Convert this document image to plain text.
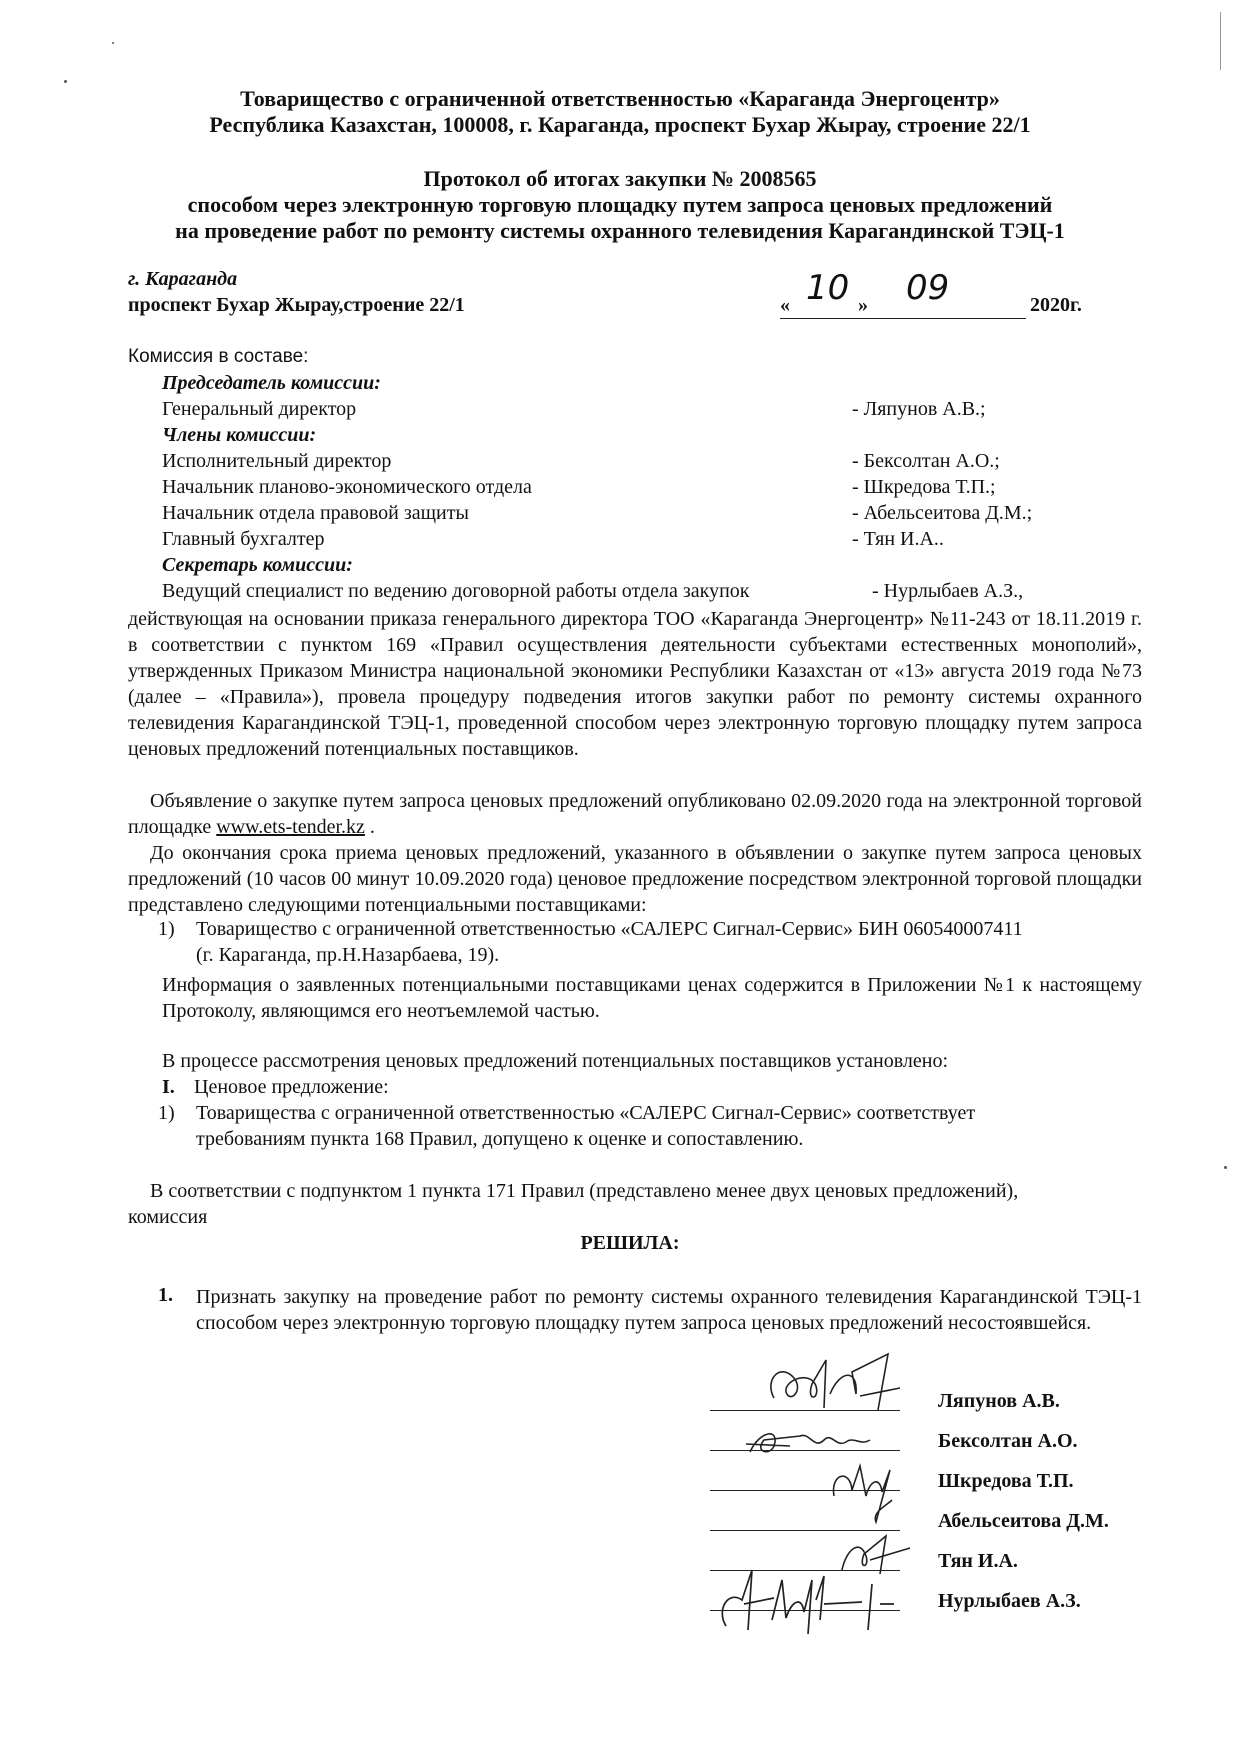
Товарищество с ограниченной ответственностью «Караганда Энергоцентр»
Республика Казахстан, 100008, г. Караганда, проспект Бухар Жырау, строение 22/1
Протокол об итогах закупки № 2008565
способом через электронную торговую площадку путем запроса ценовых предложений
на проведение работ по ремонту системы охранного телевидения Карагандинской ТЭЦ-1
г. Караганда
проспект Бухар Жырау,строение 22/1	« 10 » 09	2020г.
Комиссия в составе:
Председатель комиссии:
Генеральный директор	- Ляпунов А.В.;
Члены комиссии:
Исполнительный директор	- Бексолтан А.О.;
Начальник планово-экономического отдела	- Шкредова Т.П.;
Начальник отдела правовой защиты	- Абельсеитова Д.М.;
Главный бухгалтер	- Тян И.А..
Секретарь комиссии:
Ведущий специалист по ведению договорной работы отдела закупок	- Нурлыбаев А.З.,
действующая на основании приказа генерального директора ТОО «Караганда Энергоцентр» №11-243 от 18.11.2019 г. в соответствии с пунктом 169 «Правил осуществления деятельности субъектами естественных монополий», утвержденных Приказом Министра национальной экономики Республики Казахстан от «13» августа 2019 года №73 (далее – «Правила»), провела процедуру подведения итогов закупки работ по ремонту системы охранного телевидения Карагандинской ТЭЦ-1, проведенной способом через электронную торговую площадку путем запроса ценовых предложений потенциальных поставщиков.
Объявление о закупке путем запроса ценовых предложений опубликовано 02.09.2020 года на электронной торговой площадке www.ets-tender.kz .
До окончания срока приема ценовых предложений, указанного в объявлении о закупке путем запроса ценовых предложений (10 часов 00 минут 10.09.2020 года) ценовое предложение посредством электронной торговой площадки представлено следующими потенциальными поставщиками:
1) Товарищество с ограниченной ответственностью «САЛЕРС Сигнал-Сервис» БИН 060540007411
(г. Караганда, пр.Н.Назарбаева, 19).
Информация о заявленных потенциальными поставщиками ценах содержится в Приложении №1 к настоящему Протоколу, являющимся его неотъемлемой частью.
В процессе рассмотрения ценовых предложений потенциальных поставщиков установлено:
I. Ценовое предложение:
1) Товарищества с ограниченной ответственностью «САЛЕРС Сигнал-Сервис» соответствует
требованиям пункта 168 Правил, допущено к оценке и сопоставлению.
В соответствии с подпунктом 1 пункта 171 Правил (представлено менее двух ценовых предложений),
комиссия
РЕШИЛА:
1. Признать закупку на проведение работ по ремонту системы охранного телевидения Карагандинской ТЭЦ-1 способом через электронную торговую площадку путем запроса ценовых предложений несостоявшейся.
Ляпунов А.В.
Бексолтан А.О.
Шкредова Т.П.
Абельсеитова Д.М.
Тян И.А.
Нурлыбаев А.З.
